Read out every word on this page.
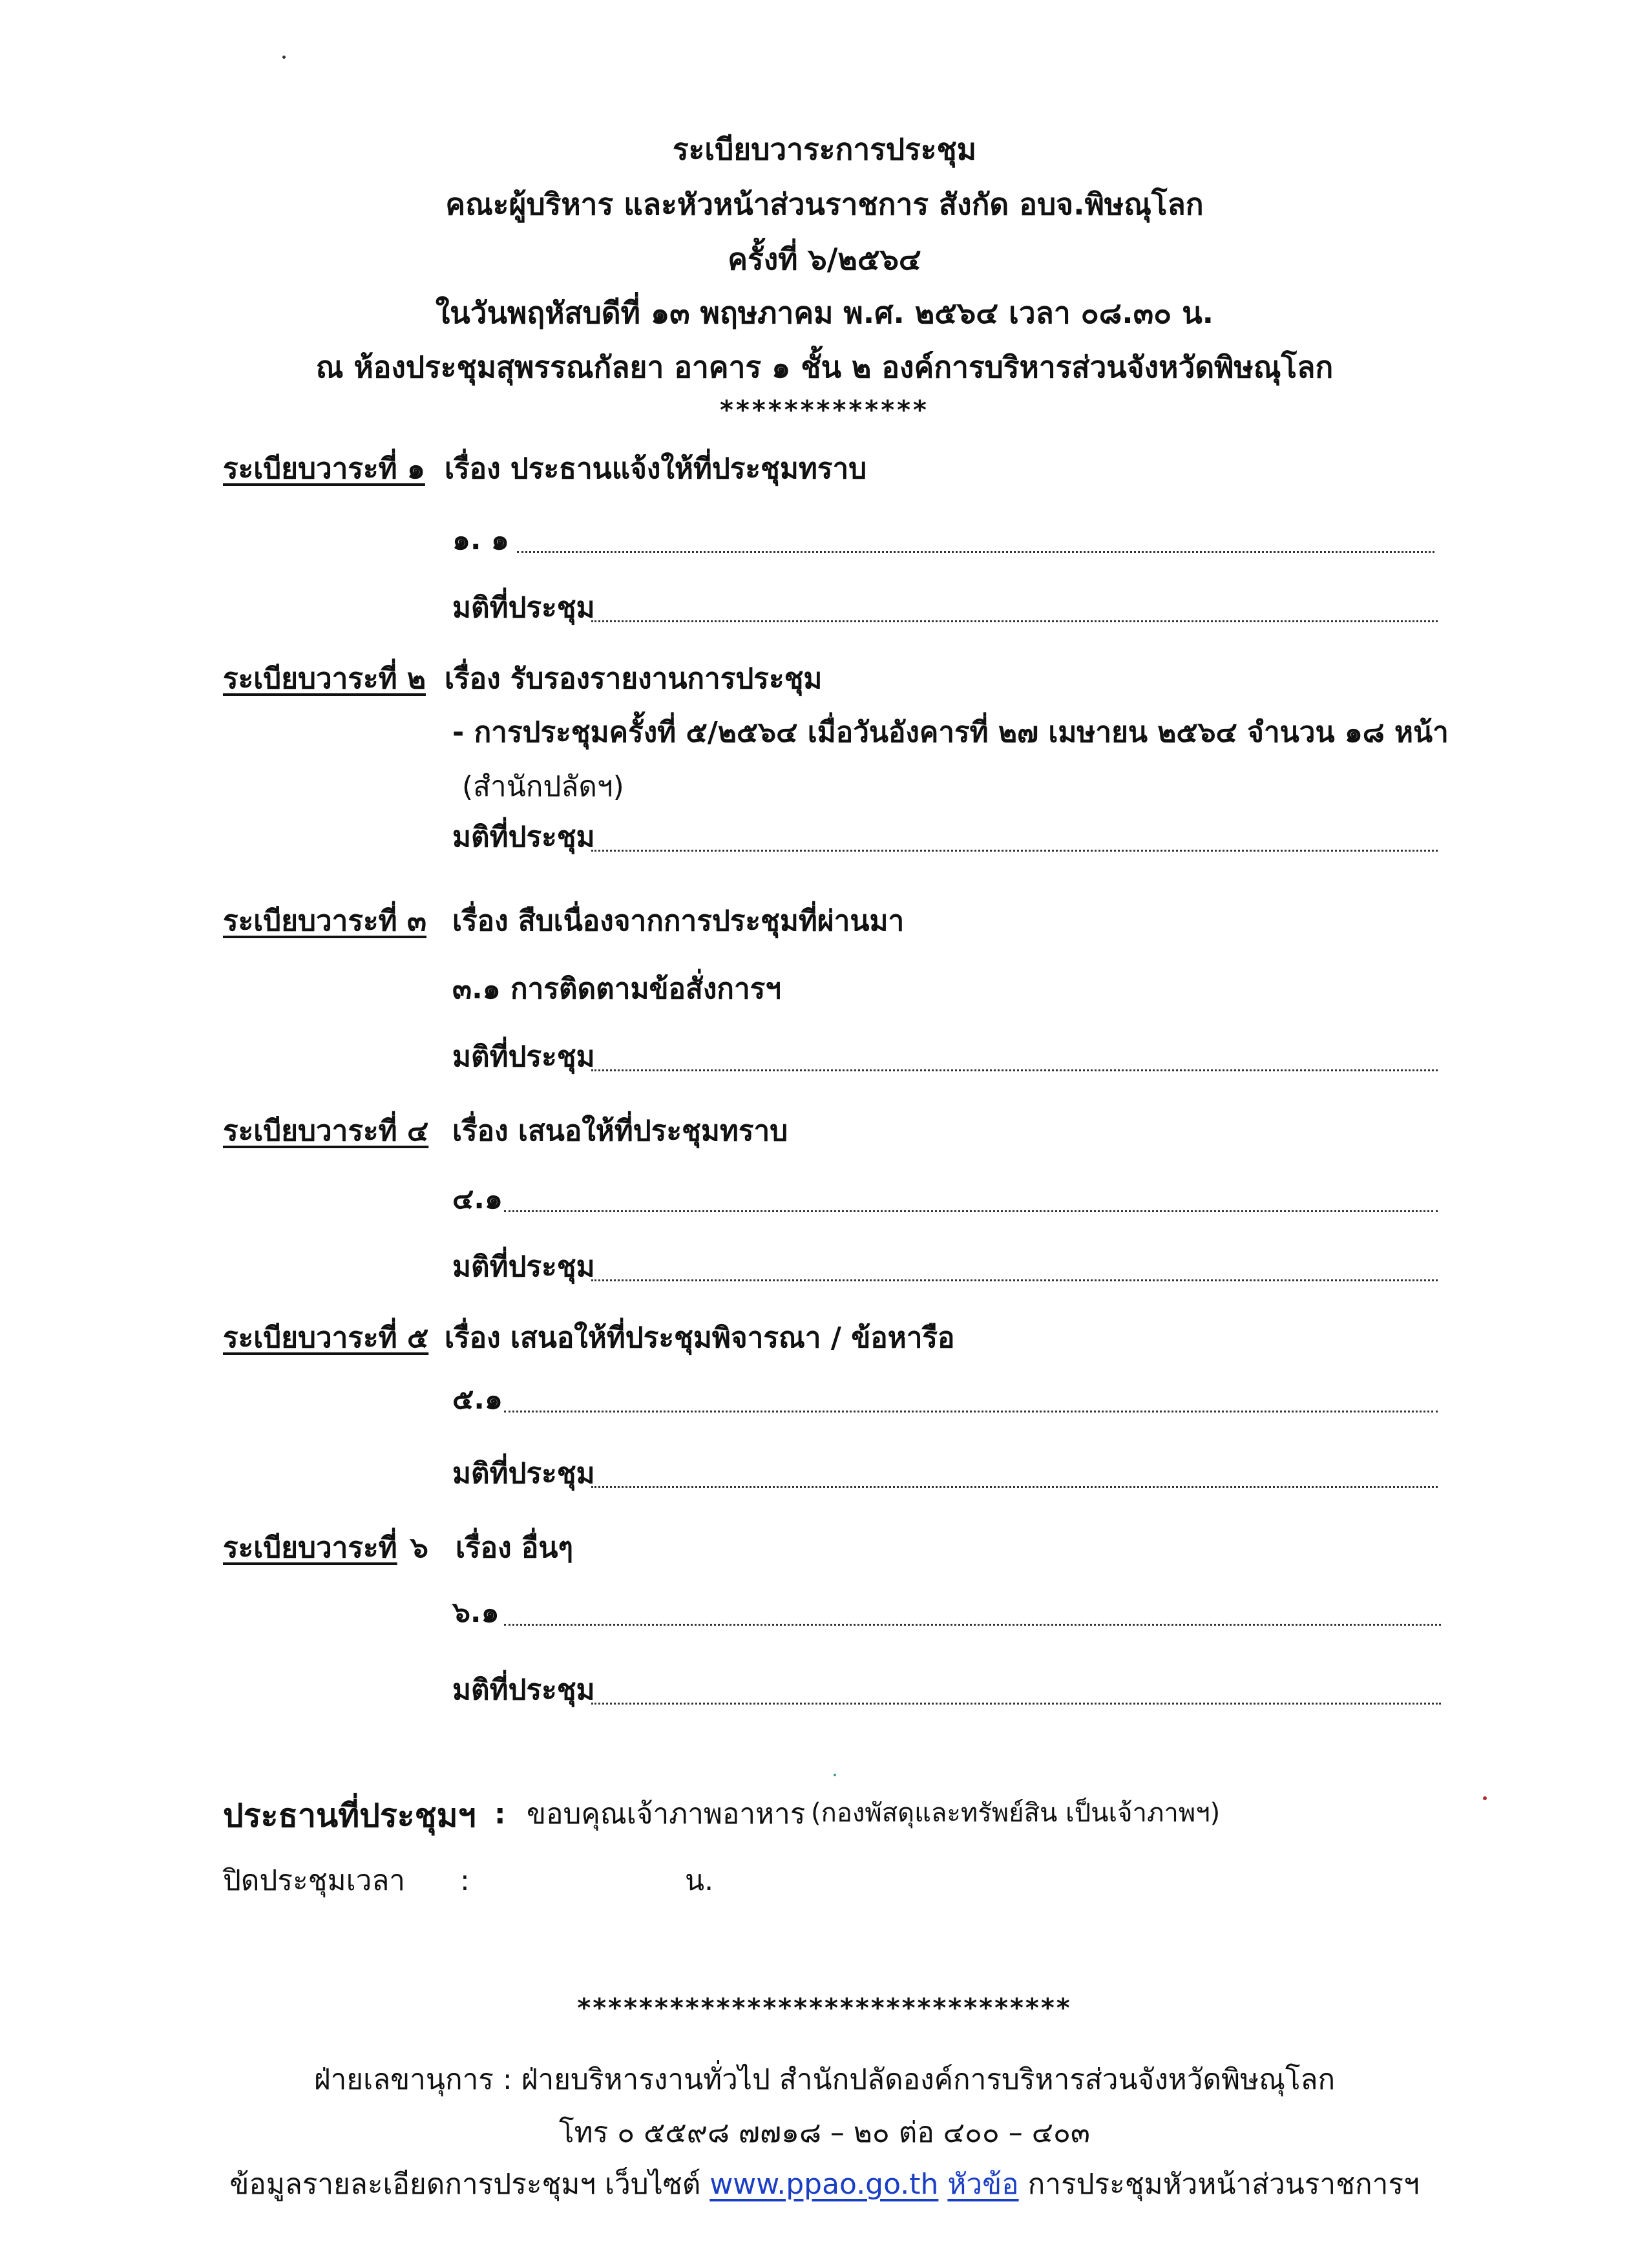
ระเบียบวาระการประชุม
คณะผู้บริหาร และหัวหน้าส่วนราชการ สังกัด อบจ.พิษณุโลก
ครั้งที่ ๖/๒๕๖๔
ในวันพฤหัสบดีที่ ๑๓ พฤษภาคม พ.ศ. ๒๕๖๔ เวลา ๐๘.๓๐ น.
ณ ห้องประชุมสุพรรณกัลยา อาคาร ๑ ชั้น ๒ องค์การบริหารส่วนจังหวัดพิษณุโลก
*************
ระเบียบวาระที่ ๑ เรื่อง ประธานแจ้งให้ที่ประชุมทราบ
๑. ๑
มติที่ประชุม
ระเบียบวาระที่ ๒ เรื่อง รับรองรายงานการประชุม
- การประชุมครั้งที่ ๕/๒๕๖๔ เมื่อวันอังคารที่ ๒๗ เมษายน ๒๕๖๔ จำนวน ๑๘ หน้า
(สำนักปลัดฯ)
มติที่ประชุม
ระเบียบวาระที่ ๓ เรื่อง สืบเนื่องจากการประชุมที่ผ่านมา
๓.๑ การติดตามข้อสั่งการฯ
มติที่ประชุม
ระเบียบวาระที่ ๔ เรื่อง เสนอให้ที่ประชุมทราบ
๔.๑
มติที่ประชุม
ระเบียบวาระที่ ๕ เรื่อง เสนอให้ที่ประชุมพิจารณา / ข้อหารือ
๕.๑
มติที่ประชุม
ระเบียบวาระที่ ๖ เรื่อง อื่นๆ
๖.๑
มติที่ประชุม
ประธานที่ประชุมฯ : ขอบคุณเจ้าภาพอาหาร (กองพัสดุและทรัพย์สิน เป็นเจ้าภาพฯ)
ปิดประชุมเวลา :	น.
********************************
ฝ่ายเลขานุการ : ฝ่ายบริหารงานทั่วไป สำนักปลัดองค์การบริหารส่วนจังหวัดพิษณุโลก
โทร ๐ ๕๕๙๘ ๗๗๑๘ – ๒๐ ต่อ ๔๐๐ – ๔๐๓
ข้อมูลรายละเอียดการประชุมฯ เว็บไซต์ www.ppao.go.th หัวข้อ การประชุมหัวหน้าส่วนราชการฯ
